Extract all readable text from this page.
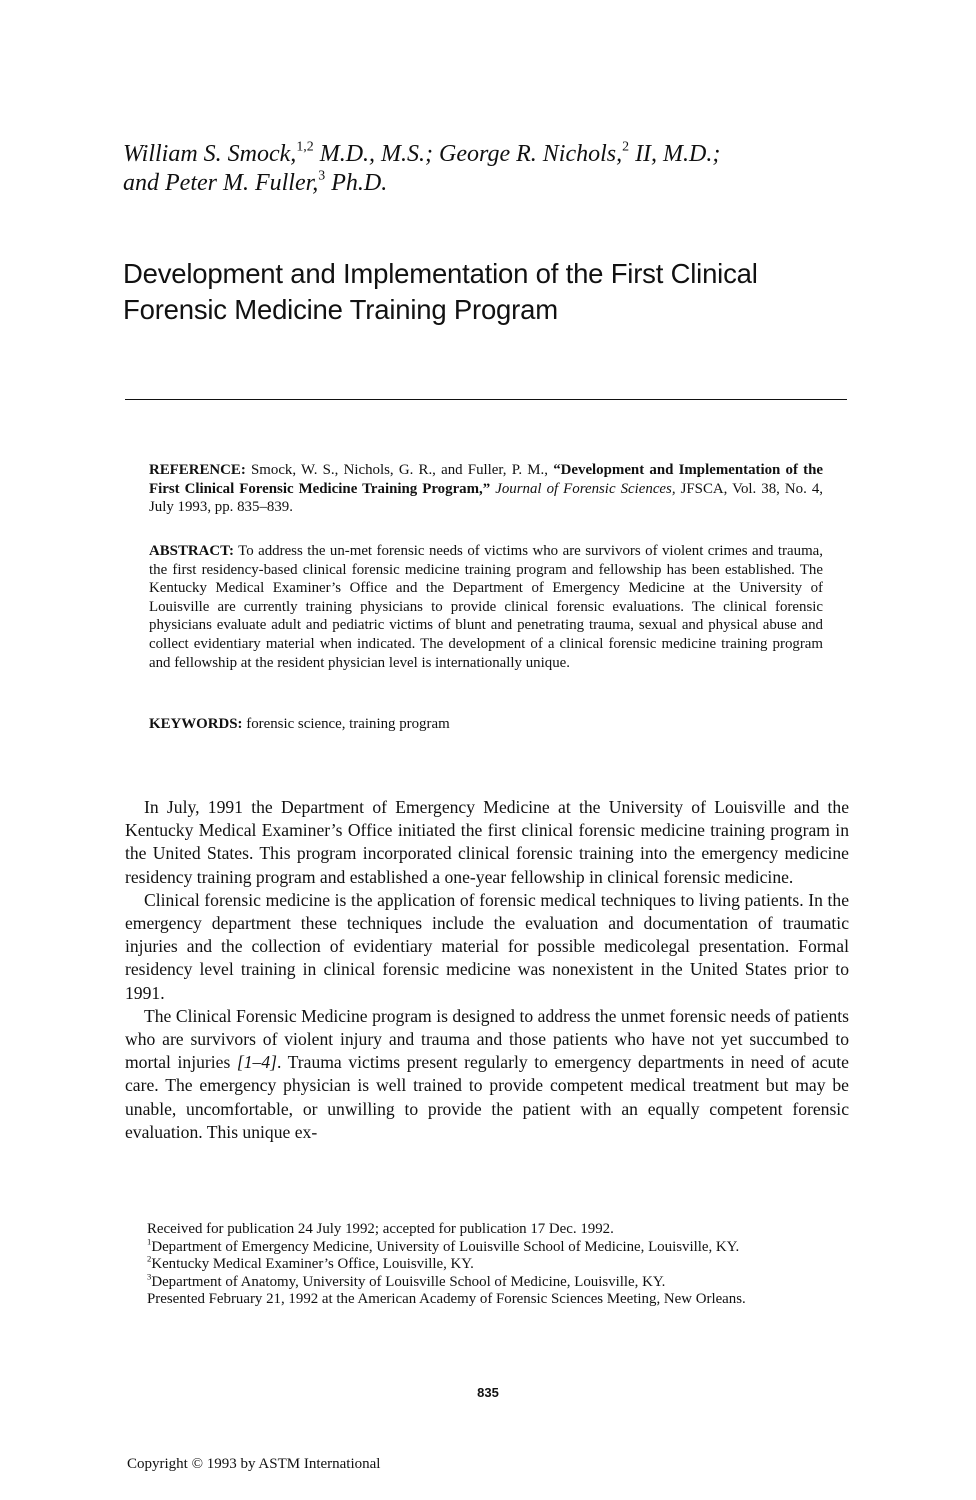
William S. Smock,$^{1,2}$ M.D., M.S.; George R. Nichols,$^2$ II, M.D.;

and Peter M. Fuller,$^3$ Ph.D.

Development and Implementation of the First Clinical
Forensic Medicine Training Program

REFERENCE: Smock, W. S., Nichols, G. R., and Fuller, P. M., “Development and Implementation of the First Clinical Forensic Medicine Training Program,” Journal of Forensic Sciences, JFSCA, Vol. 38, No. 4, July 1993, pp. 835–839.

ABSTRACT: To address the un-met forensic needs of victims who are survivors of violent crimes and trauma, the first residency-based clinical forensic medicine training program and fellowship has been established. The Kentucky Medical Examiner’s Office and the Department of Emergency Medicine at the University of Louisville are currently training physicians to provide clinical forensic evaluations. The clinical forensic physicians evaluate adult and pediatric victims of blunt and penetrating trauma, sexual and physical abuse and collect evidentiary material when indicated. The development of a clinical forensic medicine training program and fellowship at the resident physician level is internationally unique.

KEYWORDS: forensic science, training program

In July, 1991 the Department of Emergency Medicine at the University of Louisville and the Kentucky Medical Examiner’s Office initiated the first clinical forensic medicine training program in the United States. This program incorporated clinical forensic training into the emergency medicine residency training program and established a one-year fellowship in clinical forensic medicine.

Clinical forensic medicine is the application of forensic medical techniques to living patients. In the emergency department these techniques include the evaluation and documentation of traumatic injuries and the collection of evidentiary material for possible medicolegal presentation. Formal residency level training in clinical forensic medicine was nonexistent in the United States prior to 1991.

The Clinical Forensic Medicine program is designed to address the unmet forensic needs of patients who are survivors of violent injury and trauma and those patients who have not yet succumbed to mortal injuries [1–4]. Trauma victims present regularly to emergency departments in need of acute care. The emergency physician is well trained to provide competent medical treatment but may be unable, uncomfortable, or unwilling to provide the patient with an equally competent forensic evaluation. This unique ex-

Received for publication 24 July 1992; accepted for publication 17 Dec. 1992.

$^1$Department of Emergency Medicine, University of Louisville School of Medicine, Louisville, KY.

$^2$Kentucky Medical Examiner’s Office, Louisville, KY.

$^3$Department of Anatomy, University of Louisville School of Medicine, Louisville, KY.

Presented February 21, 1992 at the American Academy of Forensic Sciences Meeting, New Orleans.

835
Copyright © 1993 by ASTM International
